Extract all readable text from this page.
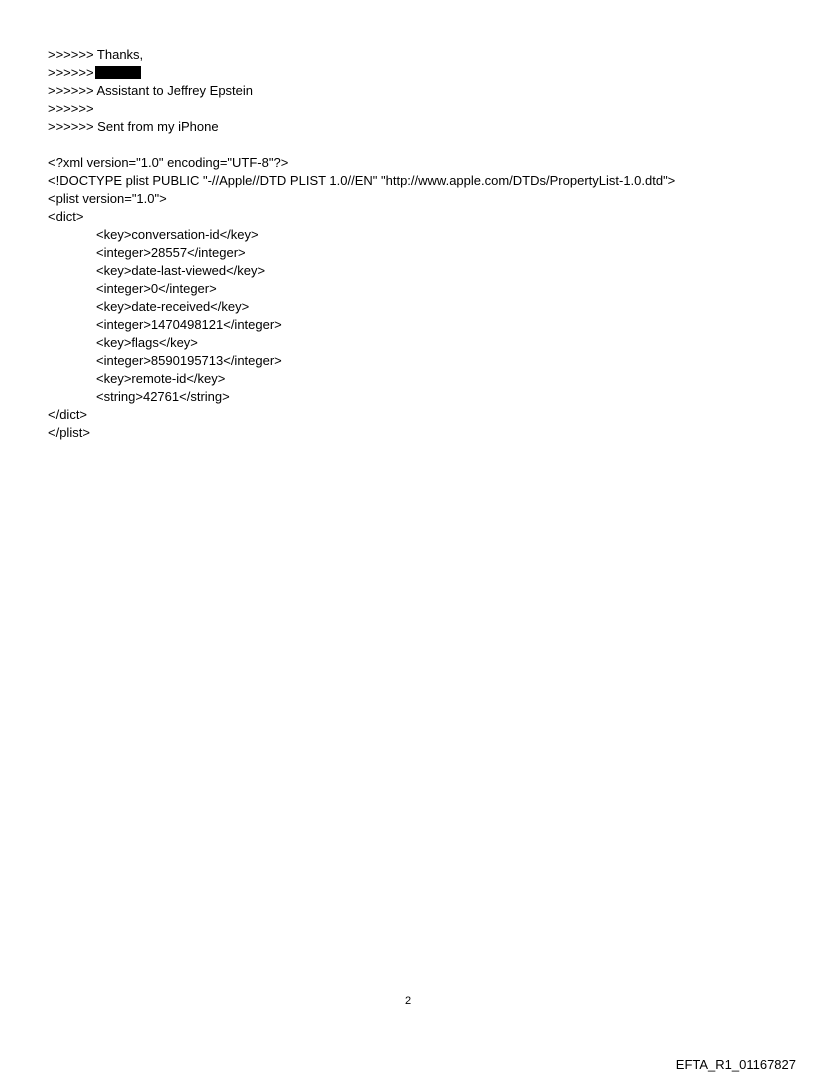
>>>>>> Thanks,
>>>>>>
>>>>>> Assistant to Jeffrey Epstein
>>>>>>
>>>>>> Sent from my iPhone
<?xml version="1.0" encoding="UTF-8"?>
<!DOCTYPE plist PUBLIC "-//Apple//DTD PLIST 1.0//EN" "http://www.apple.com/DTDs/PropertyList-1.0.dtd">
<plist version="1.0">
<dict>
<key>conversation-id</key>
<integer>28557</integer>
<key>date-last-viewed</key>
<integer>0</integer>
<key>date-received</key>
<integer>1470498121</integer>
<key>flags</key>
<integer>8590195713</integer>
<key>remote-id</key>
<string>42761</string>
</dict>
</plist>
2
EFTA_R1_01167827
